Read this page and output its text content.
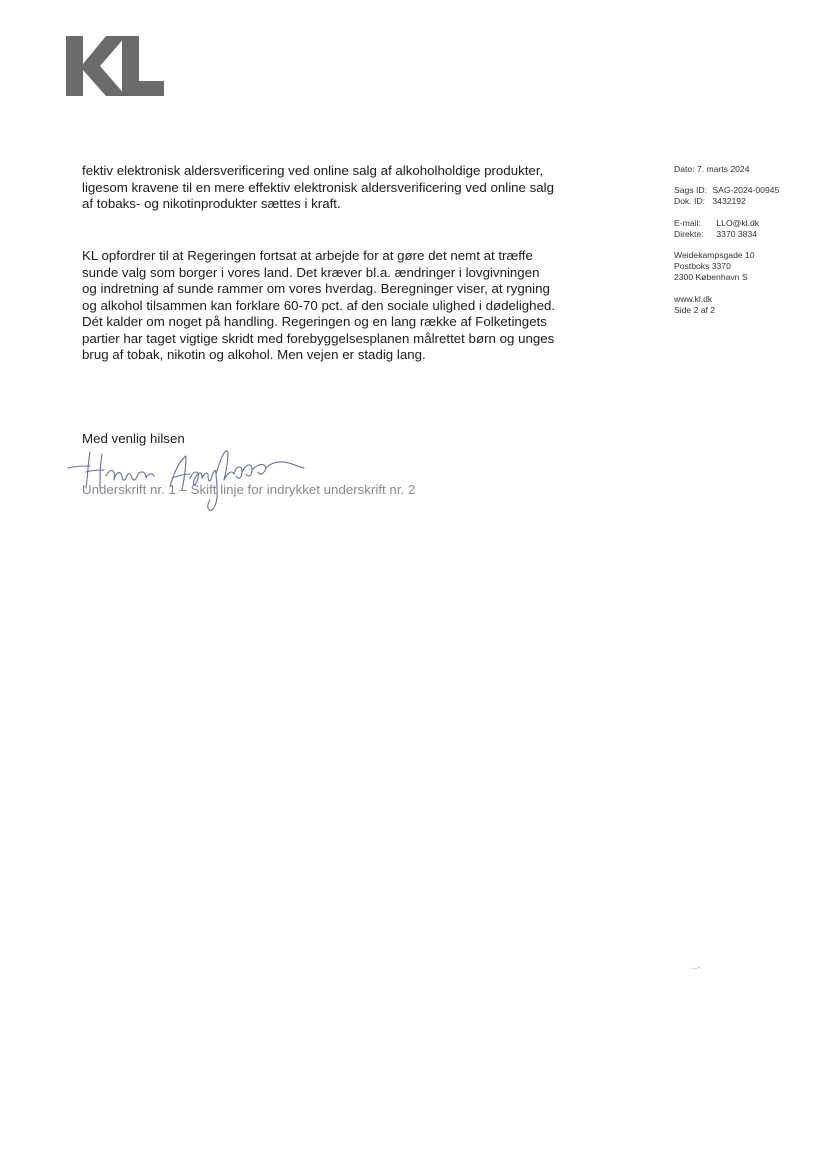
fektiv elektronisk aldersverificering ved online salg af alkoholholdige produkter, ligesom kravene til en mere effektiv elektronisk aldersverificering ved online salg af tobaks- og nikotinprodukter sættes i kraft.

KL opfordrer til at Regeringen fortsat at arbejde for at gøre det nemt at træffe sunde valg som borger i vores land. Det kræver bl.a. ændringer i lovgivningen og indretning af sunde rammer om vores hverdag. Beregninger viser, at rygning og alkohol tilsammen kan forklare 60-70 pct. af den sociale ulighed i dødelighed. Dét kalder om noget på handling. Regeringen og en lang række af Folketingets partier har taget vigtige skridt med forebyggelsesplanen målrettet børn og unges brug af tobak, nikotin og alkohol. Men vejen er stadig lang.

Med venlig hilsen

Underskrift nr. 1 – Skift linje for indrykket underskrift nr. 2

Dato: 7. marts 2024
Sags ID: SAG-2024-00945
Dok. ID: 3432192
E-mail: LLO@kl.dk
Direkte: 3370 3834
Weidekampsgade 10
Postboks 3370
2300 København S
www.kl.dk
Side 2 af 2
